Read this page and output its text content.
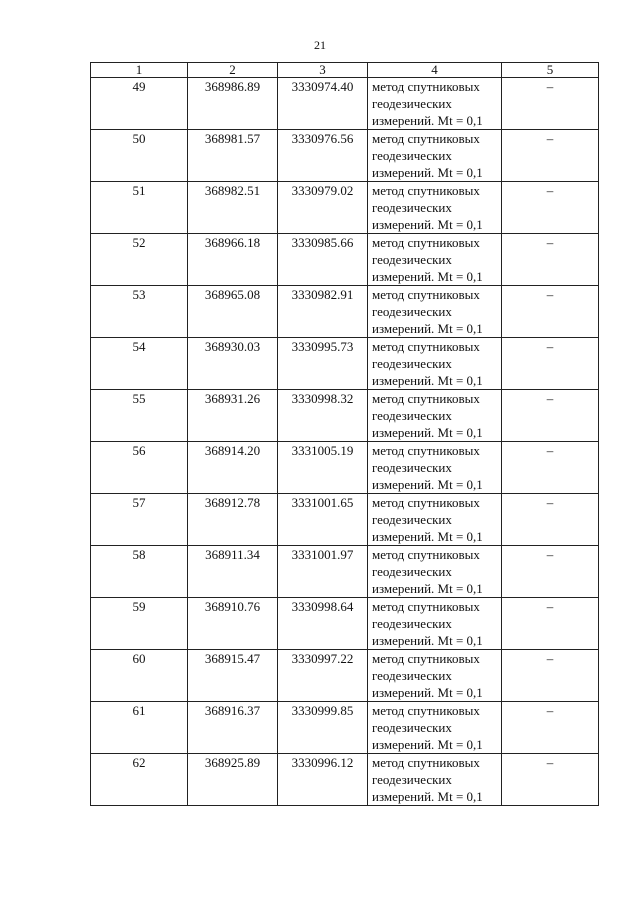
21
1	2	3	4	5
49	368986.89	3330974.40	метод спутниковых геодезических измерений. Mt = 0,1	–
50	368981.57	3330976.56	метод спутниковых геодезических измерений. Mt = 0,1	–
51	368982.51	3330979.02	метод спутниковых геодезических измерений. Mt = 0,1	–
52	368966.18	3330985.66	метод спутниковых геодезических измерений. Mt = 0,1	–
53	368965.08	3330982.91	метод спутниковых геодезических измерений. Mt = 0,1	–
54	368930.03	3330995.73	метод спутниковых геодезических измерений. Mt = 0,1	–
55	368931.26	3330998.32	метод спутниковых геодезических измерений. Mt = 0,1	–
56	368914.20	3331005.19	метод спутниковых геодезических измерений. Mt = 0,1	–
57	368912.78	3331001.65	метод спутниковых геодезических измерений. Mt = 0,1	–
58	368911.34	3331001.97	метод спутниковых геодезических измерений. Mt = 0,1	–
59	368910.76	3330998.64	метод спутниковых геодезических измерений. Mt = 0,1	–
60	368915.47	3330997.22	метод спутниковых геодезических измерений. Mt = 0,1	–
61	368916.37	3330999.85	метод спутниковых геодезических измерений. Mt = 0,1	–
62	368925.89	3330996.12	метод спутниковых геодезических измерений. Mt = 0,1	–
